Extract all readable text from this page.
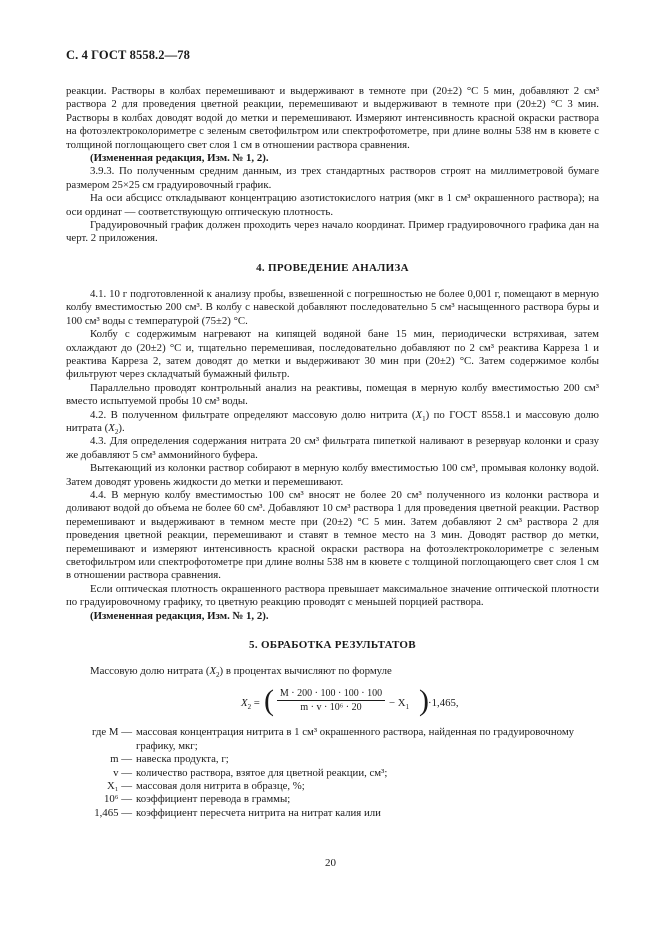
С. 4 ГОСТ 8558.2—78

реакции. Растворы в колбах перемешивают и выдерживают в темноте при (20±2) °С 5 мин, добавляют 2 см³ раствора 2 для проведения цветной реакции, перемешивают и выдерживают в темноте при (20±2) °С 3 мин. Растворы в колбах доводят водой до метки и перемешивают. Измеряют интенсивность красной окраски раствора на фотоэлектроколориметре с зеленым светофильтром или спектрофотометре, при длине волны 538 нм в кювете с толщиной поглощающего свет слоя 1 см в отношении раствора сравнения.

(Измененная редакция, Изм. № 1, 2).

3.9.3. По полученным средним данным, из трех стандартных растворов строят на миллиметровой бумаге размером 25×25 см градуировочный график.

На оси абсцисс откладывают концентрацию азотистокислого натрия (мкг в 1 см³ окрашенного раствора); на оси ординат — соответствующую оптическую плотность.

Градуировочный график должен проходить через начало координат. Пример градуировочного графика дан на черт. 2 приложения.

4. ПРОВЕДЕНИЕ АНАЛИЗА

4.1. 10 г подготовленной к анализу пробы, взвешенной с погрешностью не более 0,001 г, помещают в мерную колбу вместимостью 200 см³. В колбу с навеской добавляют последовательно 5 см³ насыщенного раствора буры и 100 см³ воды с температурой (75±2) °С.

Колбу с содержимым нагревают на кипящей водяной бане 15 мин, периодически встряхивая, затем охлаждают до (20±2) °С и, тщательно перемешивая, последовательно добавляют по 2 см³ реактива Карреза 1 и реактива Карреза 2, затем доводят до метки и выдерживают 30 мин при (20±2) °С. Затем содержимое колбы фильтруют через складчатый бумажный фильтр.

Параллельно проводят контрольный анализ на реактивы, помещая в мерную колбу вместимостью 200 см³ вместо испытуемой пробы 10 см³ воды.

4.2. В полученном фильтрате определяют массовую долю нитрита $(X_1)$ по ГОСТ 8558.1 и массовую долю нитрата $(X_2)$.

4.3. Для определения содержания нитрата 20 см³ фильтрата пипеткой наливают в резервуар колонки и сразу же добавляют 5 см³ аммонийного буфера.

Вытекающий из колонки раствор собирают в мерную колбу вместимостью 100 см³, промывая колонку водой. Затем доводят уровень жидкости до метки и перемешивают.

4.4. В мерную колбу вместимостью 100 см³ вносят не более 20 см³ полученного из колонки раствора и доливают водой до объема не более 60 см³. Добавляют 10 см³ раствора 1 для проведения цветной реакции. Раствор перемешивают и выдерживают в темном месте при (20±2) °С 5 мин. Затем добавляют 2 см³ раствора 2 для проведения цветной реакции, перемешивают и ставят в темное место на 3 мин. Доводят раствор до метки, перемешивают и измеряют интенсивность красной окраски раствора на фотоэлектроколориметре с зеленым светофильтром или спектрофотометре при длине волны 538 нм в кювете с толщиной поглощающего свет слоя 1 см в отношении раствора сравнения.

Если оптическая плотность окрашенного раствора превышает максимальное значение оптической плотности по градуировочному графику, то цветную реакцию проводят с меньшей порцией раствора.

(Измененная редакция, Изм. № 1, 2).

5. ОБРАБОТКА РЕЗУЛЬТАТОВ

Массовую долю нитрата $(X_2)$ в процентах вычисляют по формуле

$X_2$ = ( $\frac{M \cdot 200 \cdot 100 \cdot 100 \cdot 100}{\text{m · v · 10⁶ · 20}} - X_1$ ) ·1,465,
где M — массовая концентрация нитрита в 1 см³ окрашенного раствора, найденная по градуировочному графику, мкг;
m — навеска продукта, г;
v — количество раствора, взятое для цветной реакции, см³;
X₁ — массовая доля нитрита в образце, %;
10⁶ — коэффициент перевода в граммы;
1,465 — коэффициент пересчета нитрита на нитрат калия или
20
